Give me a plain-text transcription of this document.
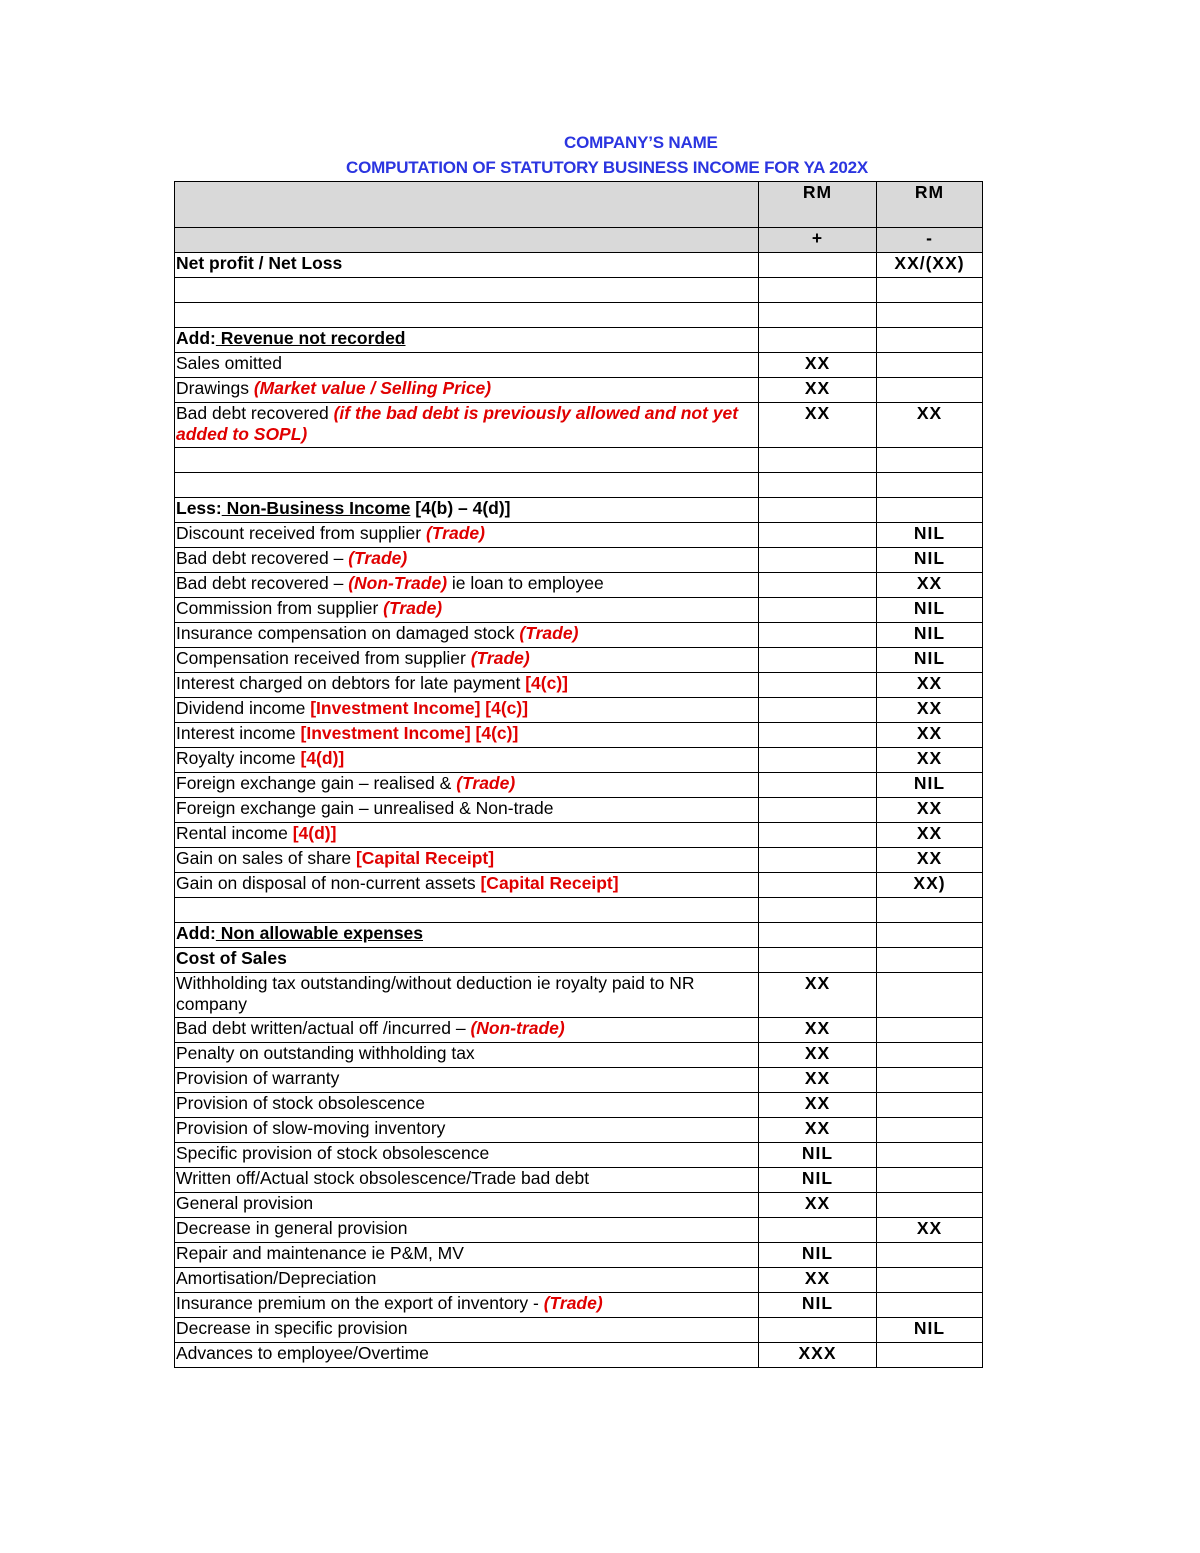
COMPANY’S NAME
COMPUTATION OF STATUTORY BUSINESS INCOME FOR YA 202X
	RM	RM
	+	-
Net profit / Net Loss		XX/(XX)

Add: Revenue not recorded		
Sales omitted	XX	
Drawings (Market value / Selling Price)	XX	
Bad debt recovered (if the bad debt is previously allowed and not yet added to SOPL)	XX	XX

Less: Non-Business Income [4(b) – 4(d)]		
Discount received from supplier (Trade)		NIL
Bad debt recovered – (Trade)		NIL
Bad debt recovered – (Non-Trade) ie loan to employee		XX
Commission from supplier (Trade)		NIL
Insurance compensation on damaged stock (Trade)		NIL
Compensation received from supplier (Trade)		NIL
Interest charged on debtors for late payment [4(c)]		XX
Dividend income [Investment Income] [4(c)]		XX
Interest income [Investment Income] [4(c)]		XX
Royalty income [4(d)]		XX
Foreign exchange gain – realised & (Trade)		NIL
Foreign exchange gain – unrealised & Non-trade		XX
Rental income [4(d)]		XX
Gain on sales of share [Capital Receipt]		XX
Gain on disposal of non-current assets [Capital Receipt]		XX)

Add: Non allowable expenses		
Cost of Sales		
Withholding tax outstanding/without deduction ie royalty paid to NR company	XX	
Bad debt written/actual off /incurred – (Non-trade)	XX	
Penalty on outstanding withholding tax	XX	
Provision of warranty	XX	
Provision of stock obsolescence	XX	
Provision of slow-moving inventory	XX	
Specific provision of stock obsolescence	NIL	
Written off/Actual stock obsolescence/Trade bad debt	NIL	
General provision	XX	
Decrease in general provision		XX
Repair and maintenance ie P&M, MV	NIL	
Amortisation/Depreciation	XX	
Insurance premium on the export of inventory - (Trade)	NIL	
Decrease in specific provision		NIL
Advances to employee/Overtime	XXX	
